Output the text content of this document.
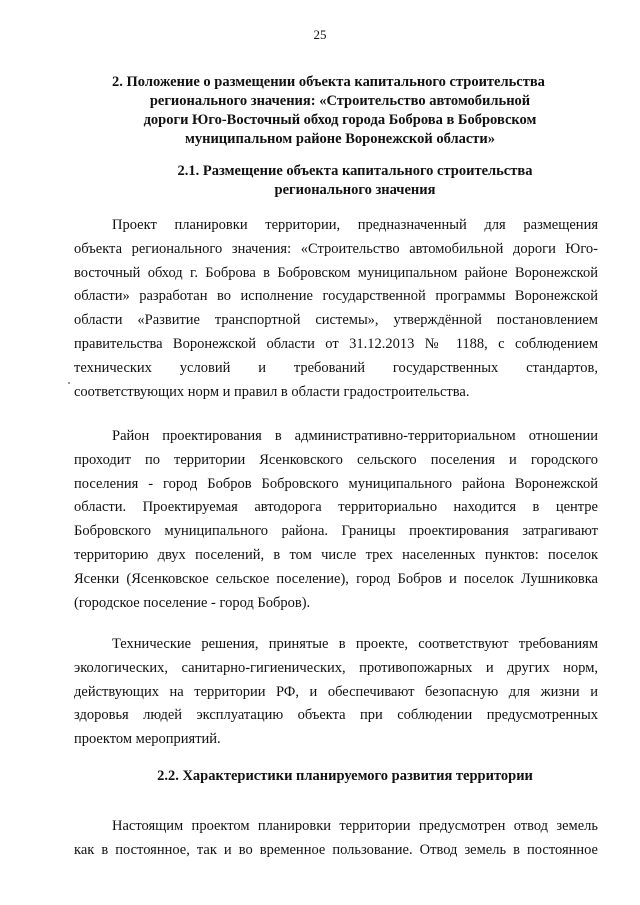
25
2. Положение о размещении объекта капитального строительства
регионального значения: «Строительство автомобильной
дороги Юго-Восточный обход города Боброва в Бобровском
муниципальном районе Воронежской области»
2.1. Размещение объекта капитального строительства
регионального значения
Проект планировки территории, предназначенный для размещения
объекта регионального значения: «Строительство автомобильной дороги Юго-
восточный обход г. Боброва в Бобровском муниципальном районе Воронежской
области» разработан во исполнение государственной программы Воронежской
области «Развитие транспортной системы», утверждённой постановлением
правительства Воронежской области от 31.12.2013 № 1188, с соблюдением
технических условий и требований государственных стандартов,
соответствующих норм и правил в области градостроительства.
Район проектирования в административно-территориальном отношении
проходит по территории Ясенковского сельского поселения и городского
поселения - город Бобров Бобровского муниципального района Воронежской
области. Проектируемая автодорога территориально находится в центре
Бобровского муниципального района. Границы проектирования затрагивают
территорию двух поселений, в том числе трех населенных пунктов: поселок
Ясенки (Ясенковское сельское поселение), город Бобров и поселок Лушниковка
(городское поселение - город Бобров).
Технические решения, принятые в проекте, соответствуют требованиям
экологических, санитарно-гигиенических, противопожарных и других норм,
действующих на территории РФ, и обеспечивают безопасную для жизни и
здоровья людей эксплуатацию объекта при соблюдении предусмотренных
проектом мероприятий.
2.2. Характеристики планируемого развития территории
Настоящим проектом планировки территории предусмотрен отвод земель
как в постоянное, так и во временное пользование. Отвод земель в постоянное
